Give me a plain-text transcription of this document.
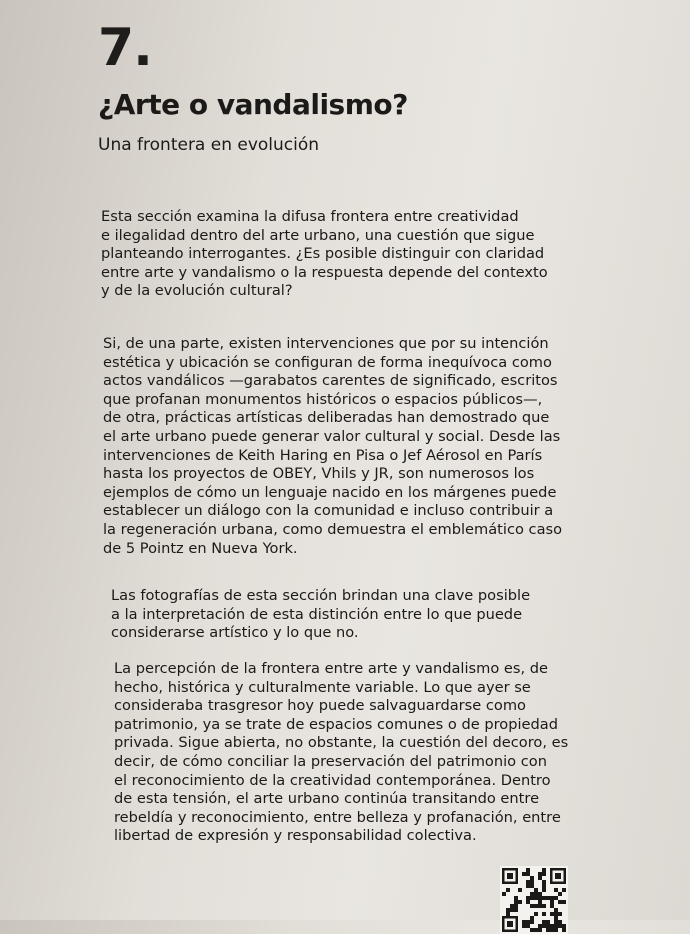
7.
¿Arte o vandalismo?
Una frontera en evolución

Esta sección examina la difusa frontera entre creatividad
e ilegalidad dentro del arte urbano, una cuestión que sigue
planteando interrogantes. ¿Es posible distinguir con claridad
entre arte y vandalismo o la respuesta depende del contexto
y de la evolución cultural?

Si, de una parte, existen intervenciones que por su intención
estética y ubicación se configuran de forma inequívoca como
actos vandálicos —garabatos carentes de significado, escritos
que profanan monumentos históricos o espacios públicos—,
de otra, prácticas artísticas deliberadas han demostrado que
el arte urbano puede generar valor cultural y social. Desde las
intervenciones de Keith Haring en Pisa o Jef Aérosol en París
hasta los proyectos de OBEY, Vhils y JR, son numerosos los
ejemplos de cómo un lenguaje nacido en los márgenes puede
establecer un diálogo con la comunidad e incluso contribuir a
la regeneración urbana, como demuestra el emblemático caso
de 5 Pointz en Nueva York.

Las fotografías de esta sección brindan una clave posible
a la interpretación de esta distinción entre lo que puede
considerarse artístico y lo que no.

La percepción de la frontera entre arte y vandalismo es, de
hecho, histórica y culturalmente variable. Lo que ayer se
consideraba trasgresor hoy puede salvaguardarse como
patrimonio, ya se trate de espacios comunes o de propiedad
privada. Sigue abierta, no obstante, la cuestión del decoro, es
decir, de cómo conciliar la preservación del patrimonio con
el reconocimiento de la creatividad contemporánea. Dentro
de esta tensión, el arte urbano continúa transitando entre
rebeldía y reconocimiento, entre belleza y profanación, entre
libertad de expresión y responsabilidad colectiva.
